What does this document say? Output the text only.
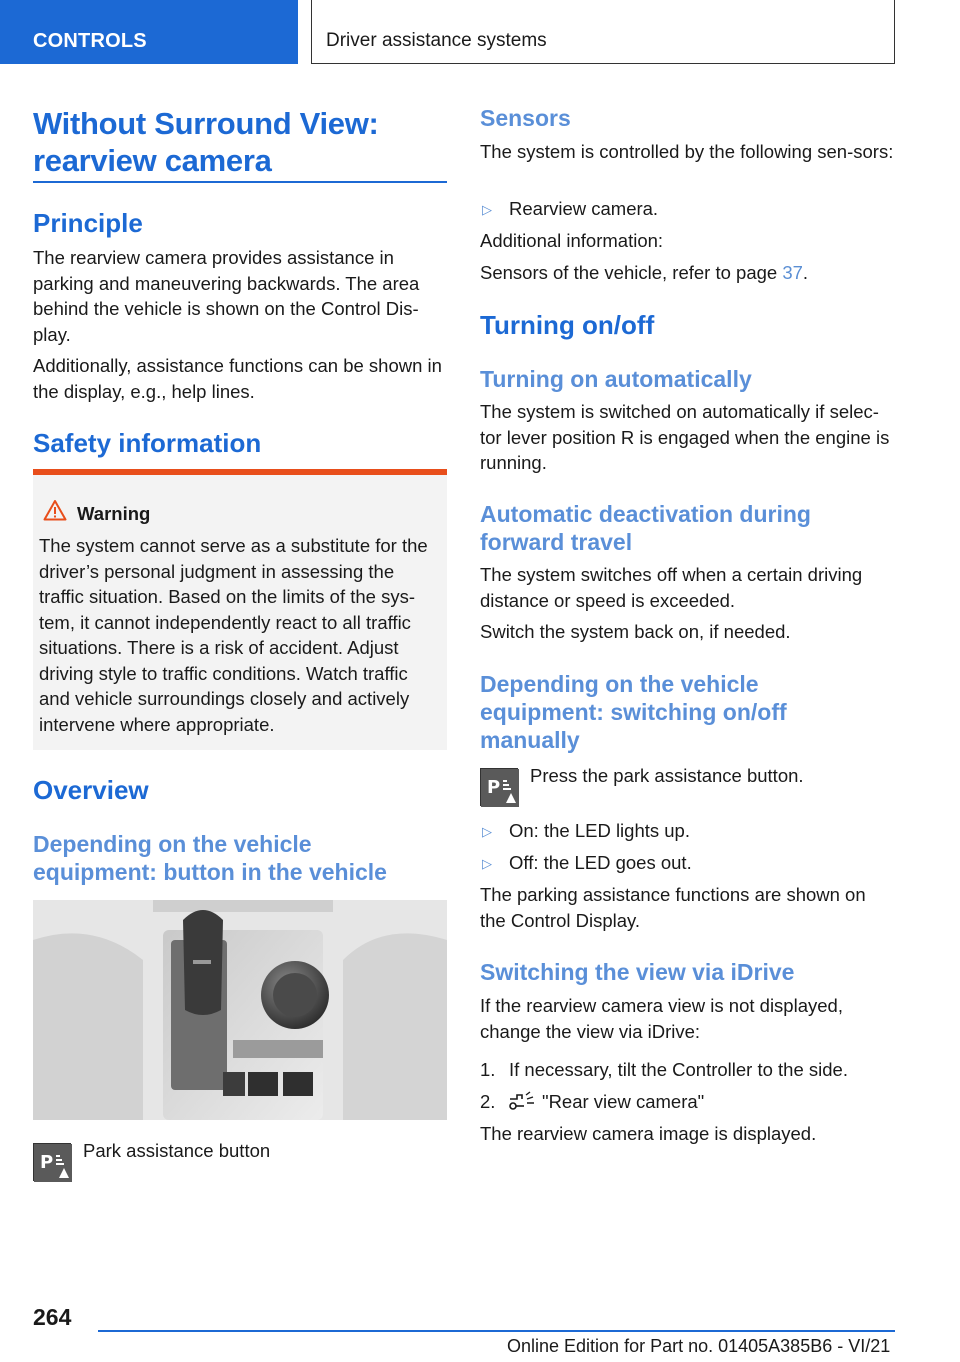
CONTROLS	Driver assistance systems
Without Surround View:
rearview camera
Principle
The rearview camera provides assistance in parking and maneuvering backwards. The area behind the vehicle is shown on the Control Dis-play.
Additionally, assistance functions can be shown in the display, e.g., help lines.
Safety information
Warning
The system cannot serve as a substitute for the driver’s personal judgment in assessing the traffic situation. Based on the limits of the sys-tem, it cannot independently react to all traffic situations. There is a risk of accident. Adjust driving style to traffic conditions. Watch traffic and vehicle surroundings closely and actively intervene where appropriate.
Overview
Depending on the vehicle
equipment: button in the vehicle
P
Park assistance button
Sensors
The system is controlled by the following sen-sors:
▷ Rearview camera.
Additional information:
Sensors of the vehicle, refer to page 37.
Turning on/off
Turning on automatically
The system is switched on automatically if selec-tor lever position R is engaged when the engine is running.
Automatic deactivation during
forward travel
The system switches off when a certain driving distance or speed is exceeded.
Switch the system back on, if needed.
Depending on the vehicle
equipment: switching on/off
manually
P
Press the park assistance button.
▷ On: the LED lights up.
▷ Off: the LED goes out.
The parking assistance functions are shown on the Control Display.
Switching the view via iDrive
If the rearview camera view is not displayed, change the view via iDrive:
1. If necessary, tilt the Controller to the side.
2.	"Rear view camera"
The rearview camera image is displayed.
264
Online Edition for Part no. 01405A385B6 - VI/21
